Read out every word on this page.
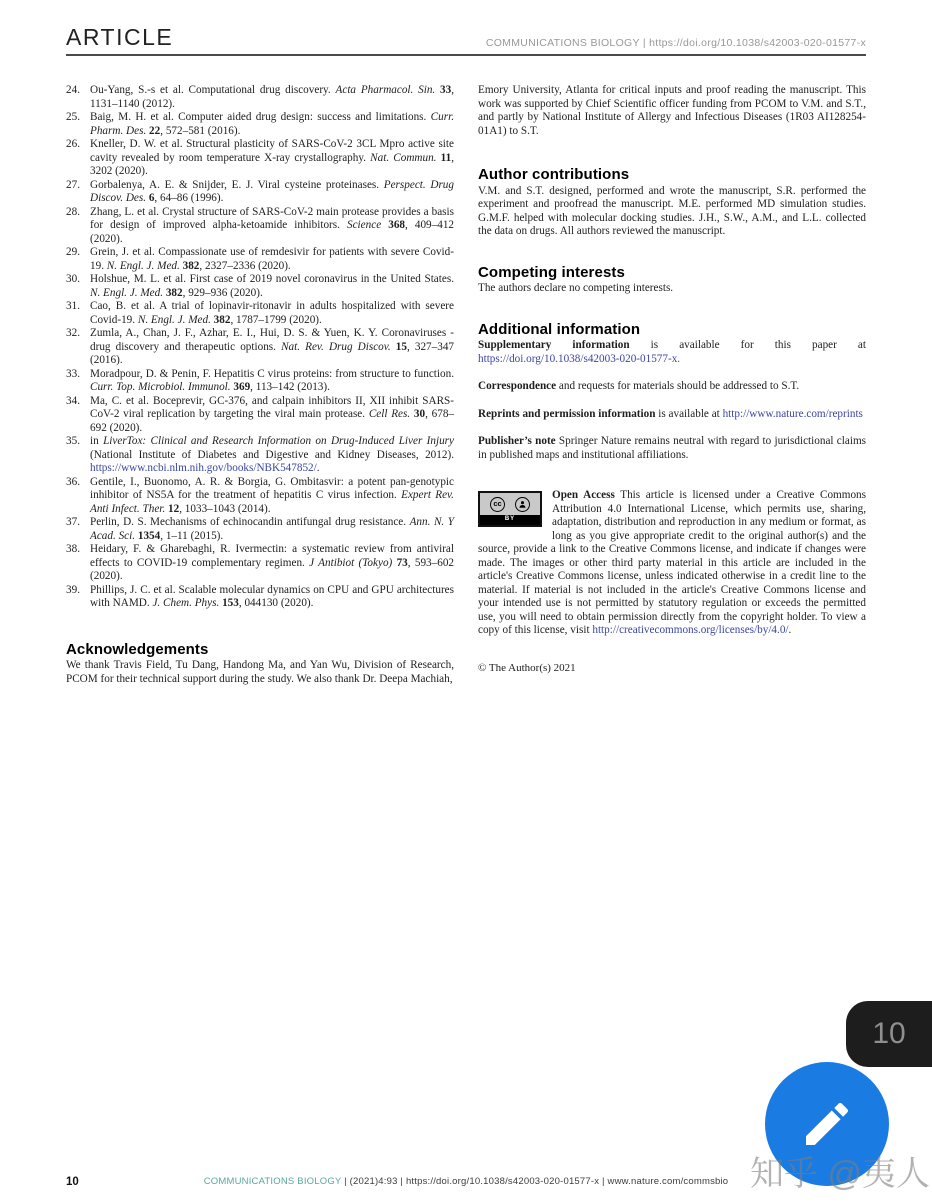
ARTICLE	COMMUNICATIONS BIOLOGY | https://doi.org/10.1038/s42003-020-01577-x
24. Ou-Yang, S.-s et al. Computational drug discovery. Acta Pharmacol. Sin. 33, 1131–1140 (2012).
25. Baig, M. H. et al. Computer aided drug design: success and limitations. Curr. Pharm. Des. 22, 572–581 (2016).
26. Kneller, D. W. et al. Structural plasticity of SARS-CoV-2 3CL Mpro active site cavity revealed by room temperature X-ray crystallography. Nat. Commun. 11, 3202 (2020).
27. Gorbalenya, A. E. & Snijder, E. J. Viral cysteine proteinases. Perspect. Drug Discov. Des. 6, 64–86 (1996).
28. Zhang, L. et al. Crystal structure of SARS-CoV-2 main protease provides a basis for design of improved alpha-ketoamide inhibitors. Science 368, 409–412 (2020).
29. Grein, J. et al. Compassionate use of remdesivir for patients with severe Covid-19. N. Engl. J. Med. 382, 2327–2336 (2020).
30. Holshue, M. L. et al. First case of 2019 novel coronavirus in the United States. N. Engl. J. Med. 382, 929–936 (2020).
31. Cao, B. et al. A trial of lopinavir-ritonavir in adults hospitalized with severe Covid-19. N. Engl. J. Med. 382, 1787–1799 (2020).
32. Zumla, A., Chan, J. F., Azhar, E. I., Hui, D. S. & Yuen, K. Y. Coronaviruses - drug discovery and therapeutic options. Nat. Rev. Drug Discov. 15, 327–347 (2016).
33. Moradpour, D. & Penin, F. Hepatitis C virus proteins: from structure to function. Curr. Top. Microbiol. Immunol. 369, 113–142 (2013).
34. Ma, C. et al. Boceprevir, GC-376, and calpain inhibitors II, XII inhibit SARS-CoV-2 viral replication by targeting the viral main protease. Cell Res. 30, 678–692 (2020).
35. in LiverTox: Clinical and Research Information on Drug-Induced Liver Injury (National Institute of Diabetes and Digestive and Kidney Diseases, 2012). https://www.ncbi.nlm.nih.gov/books/NBK547852/.
36. Gentile, I., Buonomo, A. R. & Borgia, G. Ombitasvir: a potent pan-genotypic inhibitor of NS5A for the treatment of hepatitis C virus infection. Expert Rev. Anti Infect. Ther. 12, 1033–1043 (2014).
37. Perlin, D. S. Mechanisms of echinocandin antifungal drug resistance. Ann. N. Y Acad. Sci. 1354, 1–11 (2015).
38. Heidary, F. & Gharebaghi, R. Ivermectin: a systematic review from antiviral effects to COVID-19 complementary regimen. J Antibiot (Tokyo) 73, 593–602 (2020).
39. Phillips, J. C. et al. Scalable molecular dynamics on CPU and GPU architectures with NAMD. J. Chem. Phys. 153, 044130 (2020).
Acknowledgements

We thank Travis Field, Tu Dang, Handong Ma, and Yan Wu, Division of Research, PCOM for their technical support during the study. We also thank Dr. Deepa Machiah,

Emory University, Atlanta for critical inputs and proof reading the manuscript. This work was supported by Chief Scientific officer funding from PCOM to V.M. and S.T., and partly by National Institute of Allergy and Infectious Diseases (1R03 AI128254-01A1) to S.T.

Author contributions

V.M. and S.T. designed, performed and wrote the manuscript, S.R. performed the experiment and proofread the manuscript. M.E. performed MD simulation studies. G.M.F. helped with molecular docking studies. J.H., S.W., A.M., and L.L. collected the data on drugs. All authors reviewed the manuscript.

Competing interests

The authors declare no competing interests.

Additional information

Supplementary information is available for this paper at https://doi.org/10.1038/s42003-020-01577-x.

Correspondence and requests for materials should be addressed to S.T.

Reprints and permission information is available at http://www.nature.com/reprints

Publisher’s note Springer Nature remains neutral with regard to jurisdictional claims in published maps and institutional affiliations.

cc
BY

Open Access This article is licensed under a Creative Commons Attribution 4.0 International License, which permits use, sharing, adaptation, distribution and reproduction in any medium or format, as long as you give appropriate credit to the original author(s) and the source, provide a link to the Creative Commons license, and indicate if changes were made. The images or other third party material in this article are included in the article's Creative Commons license, unless indicated otherwise in a credit line to the material. If material is not included in the article's Creative Commons license and your intended use is not permitted by statutory regulation or exceeds the permitted use, you will need to obtain permission directly from the copyright holder. To view a copy of this license, visit http://creativecommons.org/licenses/by/4.0/.

© The Author(s) 2021

10	COMMUNICATIONS BIOLOGY | (2021)4:93 | https://doi.org/10.1038/s42003-020-01577-x | www.nature.com/commsbio 知乎 @夷人
10
